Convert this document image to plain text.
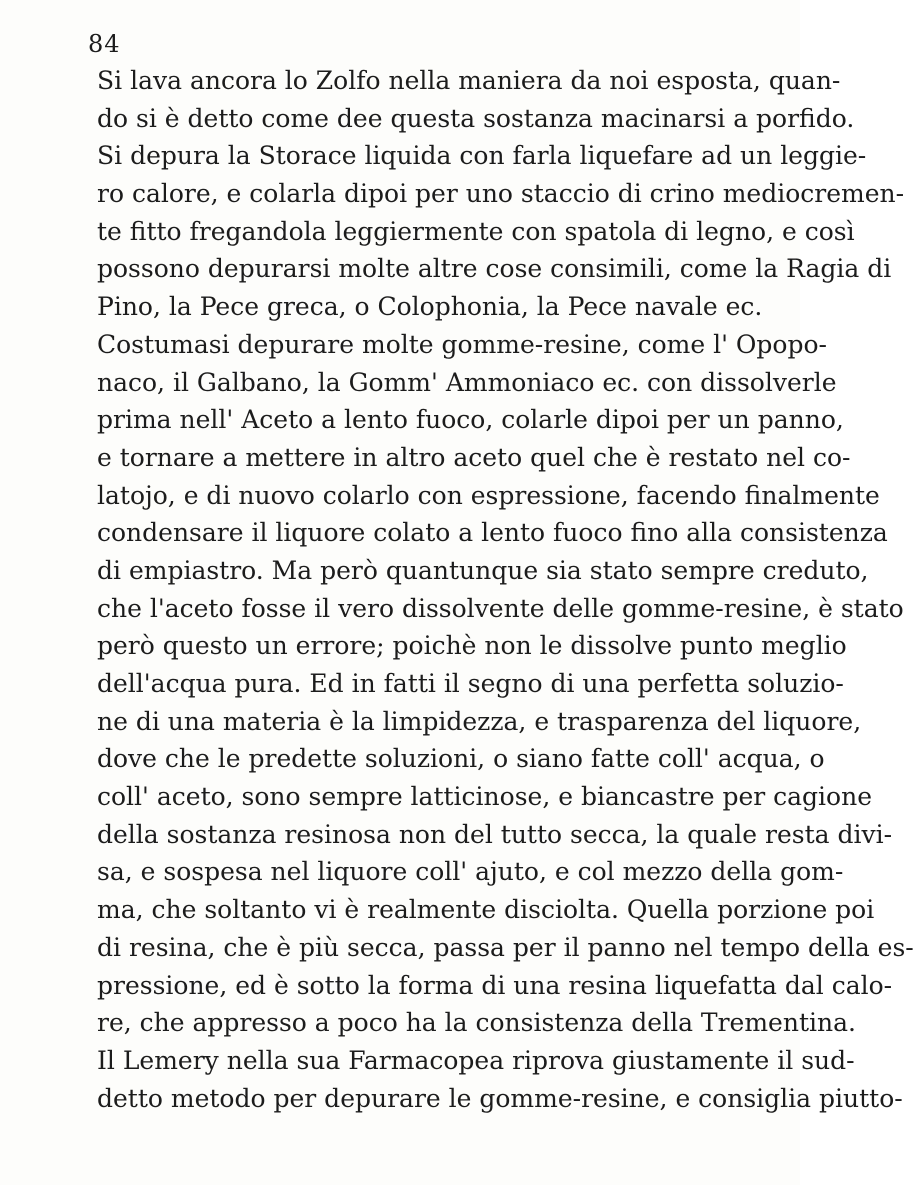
84
Si lava ancora lo Zolfo nella maniera da noi esposta, quan-
do si è detto come dee questa sostanza macinarsi a porfido.
Si depura la Storace liquida con farla liquefare ad un leggie-
ro calore, e colarla dipoi per uno staccio di crino mediocremen-
te fitto fregandola leggiermente con spatola di legno, e così
possono depurarsi molte altre cose consimili, come la Ragia di
Pino, la Pece greca, o Colophonia, la Pece navale ec.
Costumasi depurare molte gomme-resine, come l' Opopo-
naco, il Galbano, la Gomm' Ammoniaco ec. con dissolverle
prima nell' Aceto a lento fuoco, colarle dipoi per un panno,
e tornare a mettere in altro aceto quel che è restato nel co-
latojo, e di nuovo colarlo con espressione, facendo finalmente
condensare il liquore colato a lento fuoco fino alla consistenza
di empiastro. Ma però quantunque sia stato sempre creduto,
che l'aceto fosse il vero dissolvente delle gomme-resine, è stato
però questo un errore; poichè non le dissolve punto meglio
dell'acqua pura. Ed in fatti il segno di una perfetta soluzio-
ne di una materia è la limpidezza, e trasparenza del liquore,
dove che le predette soluzioni, o siano fatte coll' acqua, o
coll' aceto, sono sempre latticinose, e biancastre per cagione
della sostanza resinosa non del tutto secca, la quale resta divi-
sa, e sospesa nel liquore coll' ajuto, e col mezzo della gom-
ma, che soltanto vi è realmente disciolta. Quella porzione poi
di resina, che è più secca, passa per il panno nel tempo della es-
pressione, ed è sotto la forma di una resina liquefatta dal calo-
re, che appresso a poco ha la consistenza della Trementina.
Il Lemery nella sua Farmacopea riprova giustamente il sud-
detto metodo per depurare le gomme-resine, e consiglia piutto-
